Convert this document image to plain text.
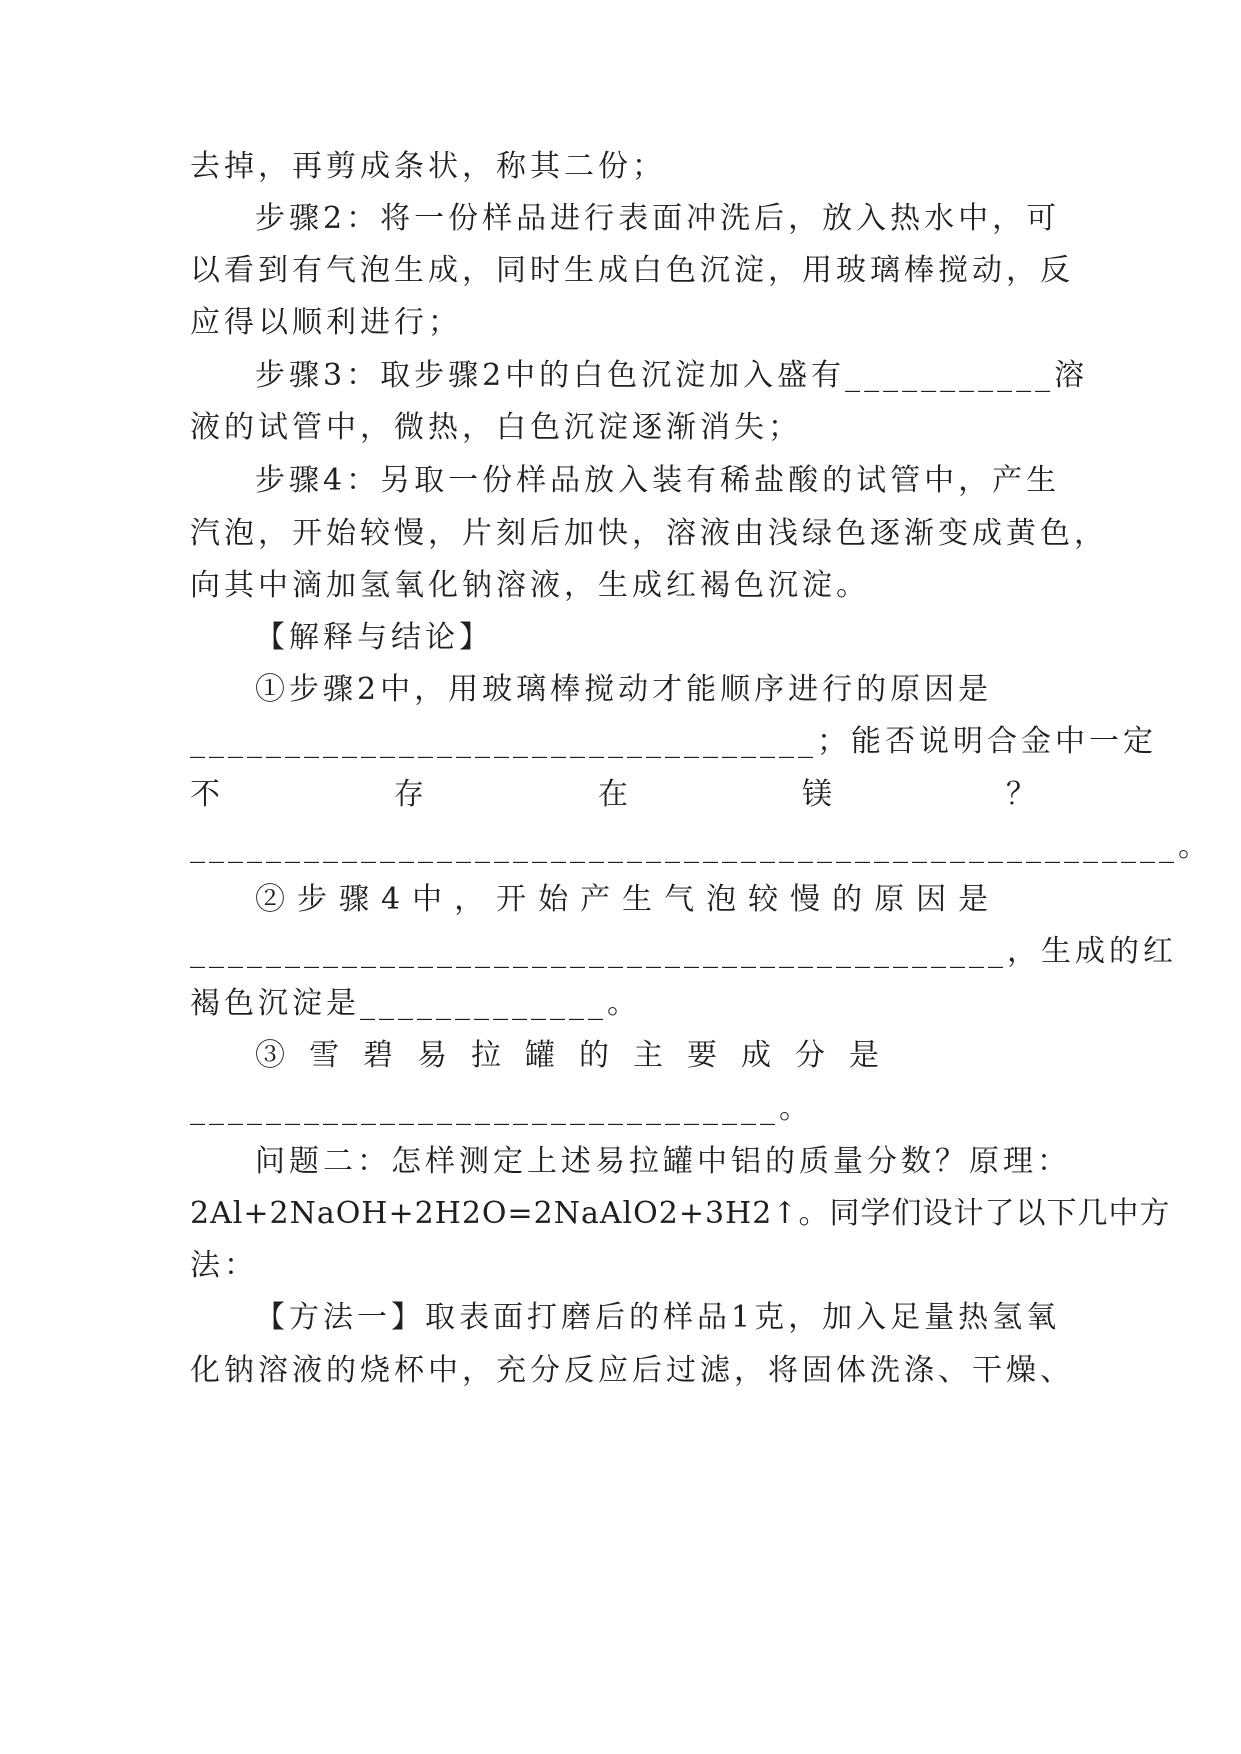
去掉，再剪成条状，称其二份；
步骤2：将一份样品进行表面冲洗后，放入热水中，可
以看到有气泡生成，同时生成白色沉淀，用玻璃棒搅动，反
应得以顺利进行；
步骤3：取步骤2中的白色沉淀加入盛有___________溶
液的试管中，微热，白色沉淀逐渐消失；
步骤4：另取一份样品放入装有稀盐酸的试管中，产生
汽泡，开始较慢，片刻后加快，溶液由浅绿色逐渐变成黄色，
向其中滴加氢氧化钠溶液，生成红褐色沉淀。
【解释与结论】
①步骤2中，用玻璃棒搅动才能顺序进行的原因是
_________________________________；能否说明合金中一定
不	存	在	镁	？
____________________________________________________。
②步骤4中，开始产生气泡较慢的原因是
___________________________________________，生成的红
褐色沉淀是_____________。
③雪碧易拉罐的主要成分是
_______________________________。
问题二：怎样测定上述易拉罐中铝的质量分数？原理：
2Al+2NaOH+2H2O=2NaAlO2+3H2↑。同学们设计了以下几中方
法：
【方法一】取表面打磨后的样品1克，加入足量热氢氧
化钠溶液的烧杯中，充分反应后过滤，将固体洗涤、干燥、
